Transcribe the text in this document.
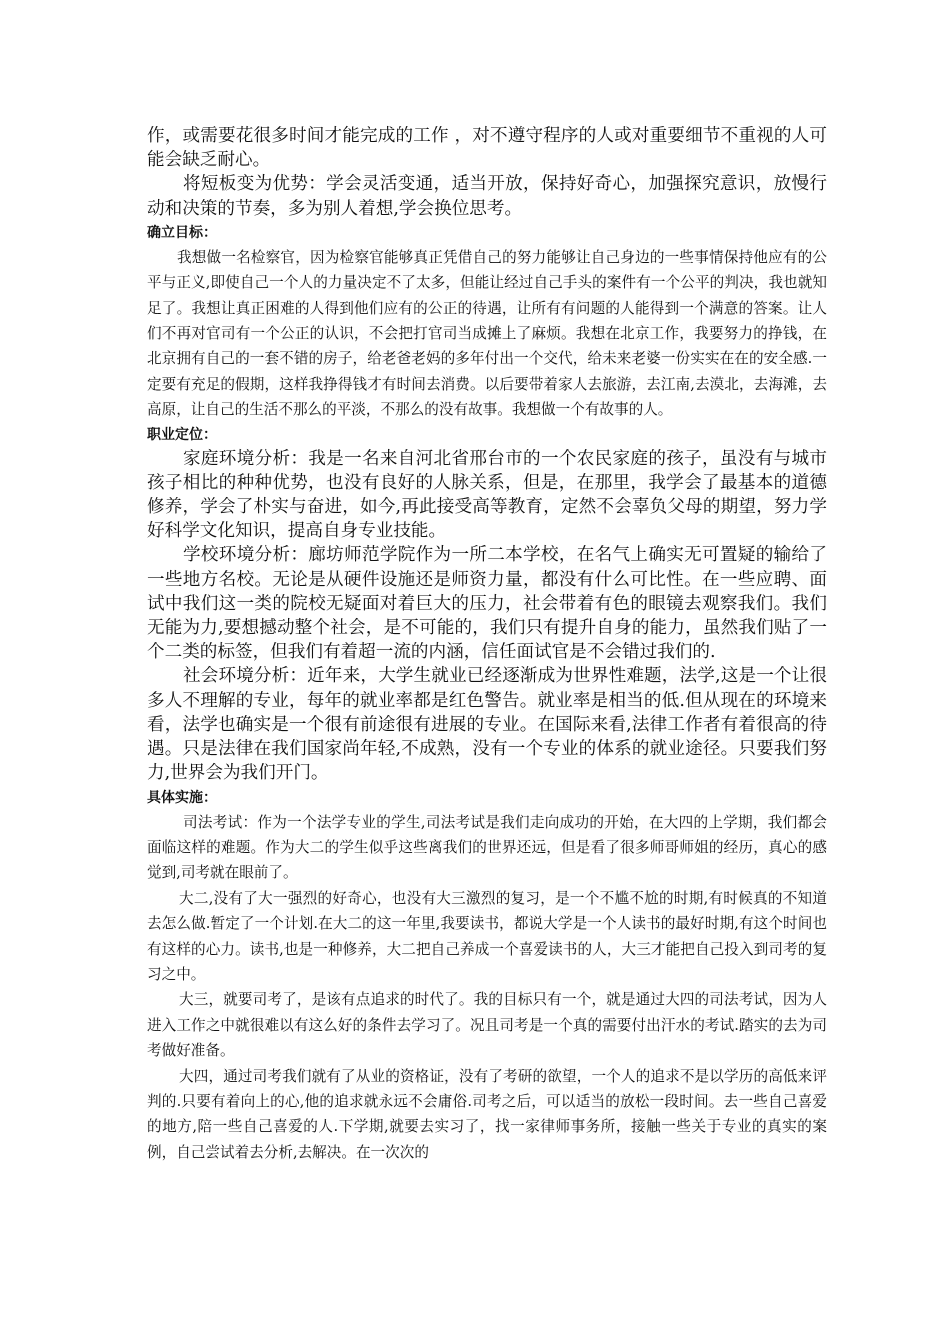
作，或需要花很多时间才能完成的工作 ，对不遵守程序的人或对重要细节不重视的人可能会缺乏耐心。

将短板变为优势：学会灵活变通，适当开放，保持好奇心，加强探究意识，放慢行动和决策的节奏，多为别人着想,学会换位思考。

确立目标：

我想做一名检察官，因为检察官能够真正凭借自己的努力能够让自己身边的一些事情保持他应有的公平与正义,即使自己一个人的力量决定不了太多，但能让经过自己手头的案件有一个公平的判决，我也就知足了。我想让真正困难的人得到他们应有的公正的待遇，让所有有问题的人能得到一个满意的答案。让人们不再对官司有一个公正的认识，不会把打官司当成摊上了麻烦。我想在北京工作，我要努力的挣钱，在北京拥有自己的一套不错的房子，给老爸老妈的多年付出一个交代，给未来老婆一份实实在在的安全感.一定要有充足的假期，这样我挣得钱才有时间去消费。以后要带着家人去旅游，去江南,去漠北，去海滩，去高原，让自己的生活不那么的平淡，不那么的没有故事。我想做一个有故事的人。

职业定位：

家庭环境分析：我是一名来自河北省邢台市的一个农民家庭的孩子，虽没有与城市孩子相比的种种优势，也没有良好的人脉关系，但是，在那里，我学会了最基本的道德修养，学会了朴实与奋进，如今,再此接受高等教育，定然不会辜负父母的期望，努力学好科学文化知识，提高自身专业技能。

学校环境分析：廊坊师范学院作为一所二本学校，在名气上确实无可置疑的输给了一些地方名校。无论是从硬件设施还是师资力量，都没有什么可比性。在一些应聘、面试中我们这一类的院校无疑面对着巨大的压力，社会带着有色的眼镜去观察我们。我们无能为力,要想撼动整个社会，是不可能的，我们只有提升自身的能力，虽然我们贴了一个二类的标签，但我们有着超一流的内涵，信任面试官是不会错过我们的.

社会环境分析：近年来，大学生就业已经逐渐成为世界性难题，法学,这是一个让很多人不理解的专业，每年的就业率都是红色警告。就业率是相当的低.但从现在的环境来看，法学也确实是一个很有前途很有进展的专业。在国际来看,法律工作者有着很高的待遇。只是法律在我们国家尚年轻,不成熟，没有一个专业的体系的就业途径。只要我们努力,世界会为我们开门。

具体实施：

司法考试：作为一个法学专业的学生,司法考试是我们走向成功的开始，在大四的上学期，我们都会面临这样的难题。作为大二的学生似乎这些离我们的世界还远，但是看了很多师哥师姐的经历，真心的感觉到,司考就在眼前了。

大二,没有了大一强烈的好奇心，也没有大三激烈的复习，是一个不尴不尬的时期,有时候真的不知道去怎么做.暂定了一个计划.在大二的这一年里,我要读书，都说大学是一个人读书的最好时期,有这个时间也有这样的心力。读书,也是一种修养，大二把自己养成一个喜爱读书的人，大三才能把自己投入到司考的复习之中。

大三，就要司考了，是该有点追求的时代了。我的目标只有一个，就是通过大四的司法考试，因为人进入工作之中就很难以有这么好的条件去学习了。况且司考是一个真的需要付出汗水的考试.踏实的去为司考做好准备。

大四，通过司考我们就有了从业的资格证，没有了考研的欲望，一个人的追求不是以学历的高低来评判的.只要有着向上的心,他的追求就永远不会庸俗.司考之后，可以适当的放松一段时间。去一些自己喜爱的地方,陪一些自己喜爱的人.下学期,就要去实习了，找一家律师事务所，接触一些关于专业的真实的案例，自己尝试着去分析,去解决。在一次次的
